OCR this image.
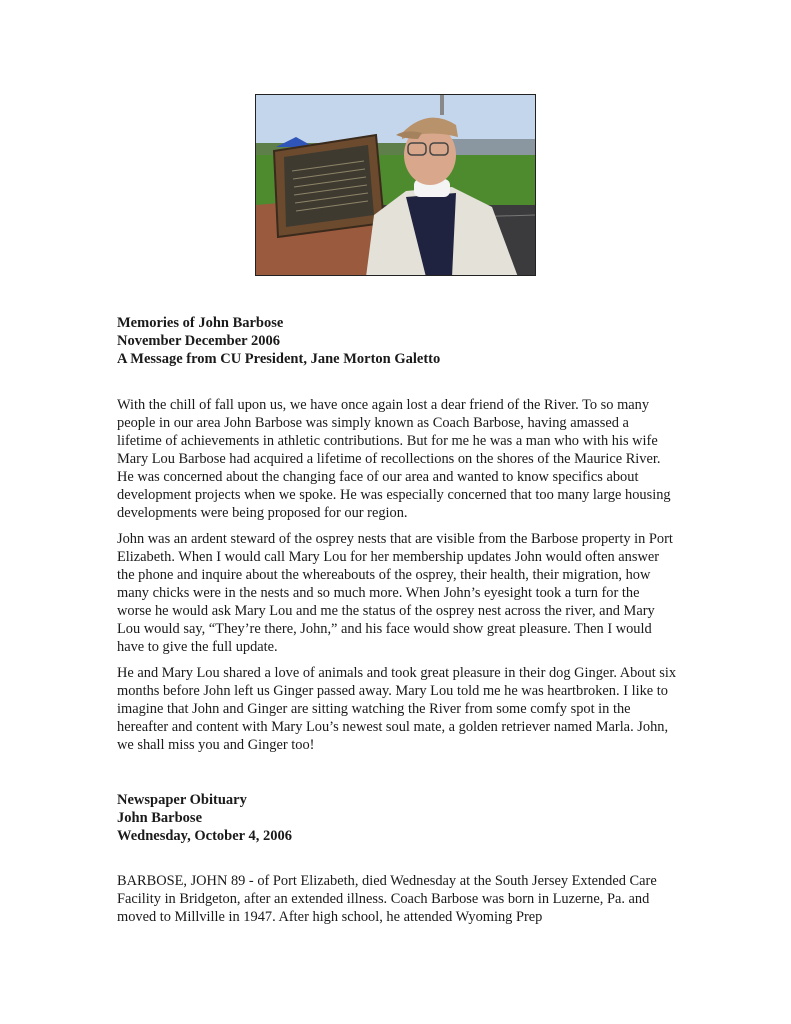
Memories of John Barbose
November December 2006
A Message from CU President, Jane Morton Galetto

With the chill of fall upon us, we have once again lost a dear friend of the River. To so many people in our area John Barbose was simply known as Coach Barbose, having amassed a lifetime of achievements in athletic contributions. But for me he was a man who with his wife Mary Lou Barbose had acquired a lifetime of recollections on the shores of the Maurice River. He was concerned about the changing face of our area and wanted to know specifics about development projects when we spoke. He was especially concerned that too many large housing developments were being proposed for our region.

John was an ardent steward of the osprey nests that are visible from the Barbose property in Port Elizabeth. When I would call Mary Lou for her membership updates John would often answer the phone and inquire about the whereabouts of the osprey, their health, their migration, how many chicks were in the nests and so much more. When John’s eyesight took a turn for the worse he would ask Mary Lou and me the status of the osprey nest across the river, and Mary Lou would say, “They’re there, John,” and his face would show great pleasure. Then I would have to give the full update.

He and Mary Lou shared a love of animals and took great pleasure in their dog Ginger. About six months before John left us Ginger passed away. Mary Lou told me he was heartbroken. I like to imagine that John and Ginger are sitting watching the River from some comfy spot in the hereafter and content with Mary Lou’s newest soul mate, a golden retriever named Marla. John, we shall miss you and Ginger too!

Newspaper Obituary
John Barbose
Wednesday, October 4, 2006

BARBOSE, JOHN 89 - of Port Elizabeth, died Wednesday at the South Jersey Extended Care Facility in Bridgeton, after an extended illness. Coach Barbose was born in Luzerne, Pa. and moved to Millville in 1947. After high school, he attended Wyoming Prep
